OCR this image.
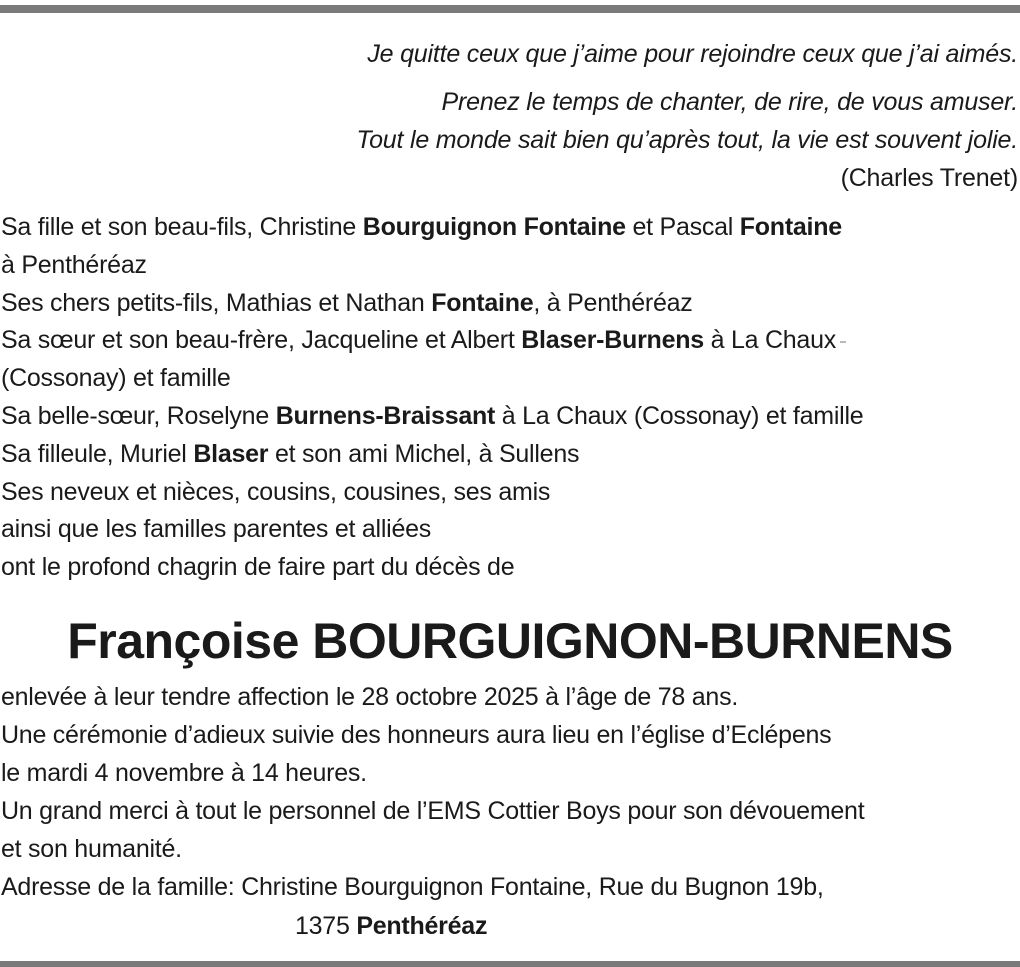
Je quitte ceux que j’aime pour rejoindre ceux que j’ai aimés.
Prenez le temps de chanter, de rire, de vous amuser.
Tout le monde sait bien qu’après tout, la vie est souvent jolie.
(Charles Trenet)
Sa fille et son beau-fils, Christine Bourguignon Fontaine et Pascal Fontaine
à Penthéréaz
Ses chers petits-fils, Mathias et Nathan Fontaine, à Penthéréaz
Sa sœur et son beau-frère, Jacqueline et Albert Blaser-Burnens à La Chaux
(Cossonay) et famille
Sa belle-sœur, Roselyne Burnens-Braissant à La Chaux (Cossonay) et famille
Sa filleule, Muriel Blaser et son ami Michel, à Sullens
Ses neveux et nièces, cousins, cousines, ses amis
ainsi que les familles parentes et alliées
ont le profond chagrin de faire part du décès de
Françoise BOURGUIGNON-BURNENS
enlevée à leur tendre affection le 28 octobre 2025 à l’âge de 78 ans.
Une cérémonie d’adieux suivie des honneurs aura lieu en l’église d’Eclépens
le mardi 4 novembre à 14 heures.
Un grand merci à tout le personnel de l’EMS Cottier Boys pour son dévouement
et son humanité.
Adresse de la famille: Christine Bourguignon Fontaine, Rue du Bugnon 19b,
1375 Penthéréaz
